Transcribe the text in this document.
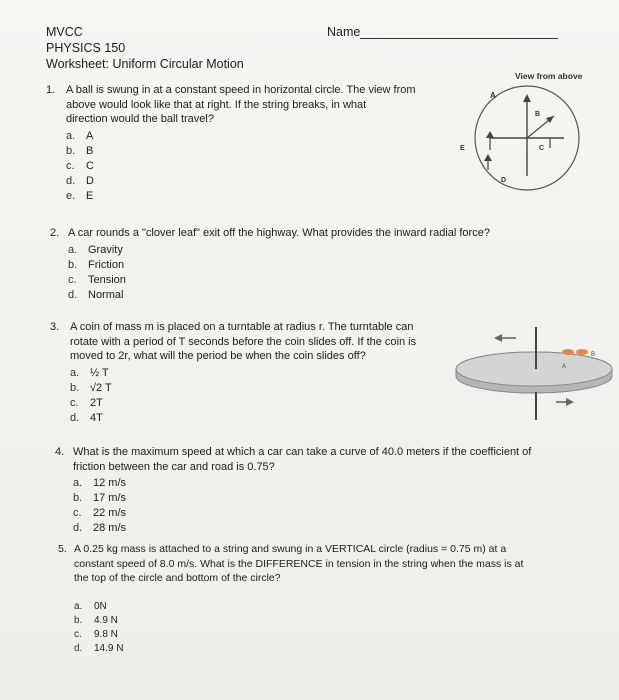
MVCC
PHYSICS 150
Worksheet: Uniform Circular Motion
Name
View from above
A
B
C
D
E
A
B
1. A ball is swung in at a constant speed in horizontal circle. The view from
above would look like that at right. If the string breaks, in what
direction would the ball travel?
a. A
b. B
c. C
d. D
e. E
2. A car rounds a "clover leaf" exit off the highway. What provides the inward radial force?
a. Gravity
b. Friction
c. Tension
d. Normal
3. A coin of mass m is placed on a turntable at radius r. The turntable can
rotate with a period of T seconds before the coin slides off. If the coin is
moved to 2r, what will the period be when the coin slides off?
a. ½ T
b. √2 T
c. 2T
d. 4T
4. What is the maximum speed at which a car can take a curve of 40.0 meters if the coefficient of
friction between the car and road is 0.75?
a. 12 m/s
b. 17 m/s
c. 22 m/s
d. 28 m/s
5. A 0.25 kg mass is attached to a string and swung in a VERTICAL circle (radius = 0.75 m) at a
constant speed of 8.0 m/s. What is the DIFFERENCE in tension in the string when the mass is at
the top of the circle and bottom of the circle?
a. 0N
b. 4.9 N
c. 9.8 N
d. 14.9 N
